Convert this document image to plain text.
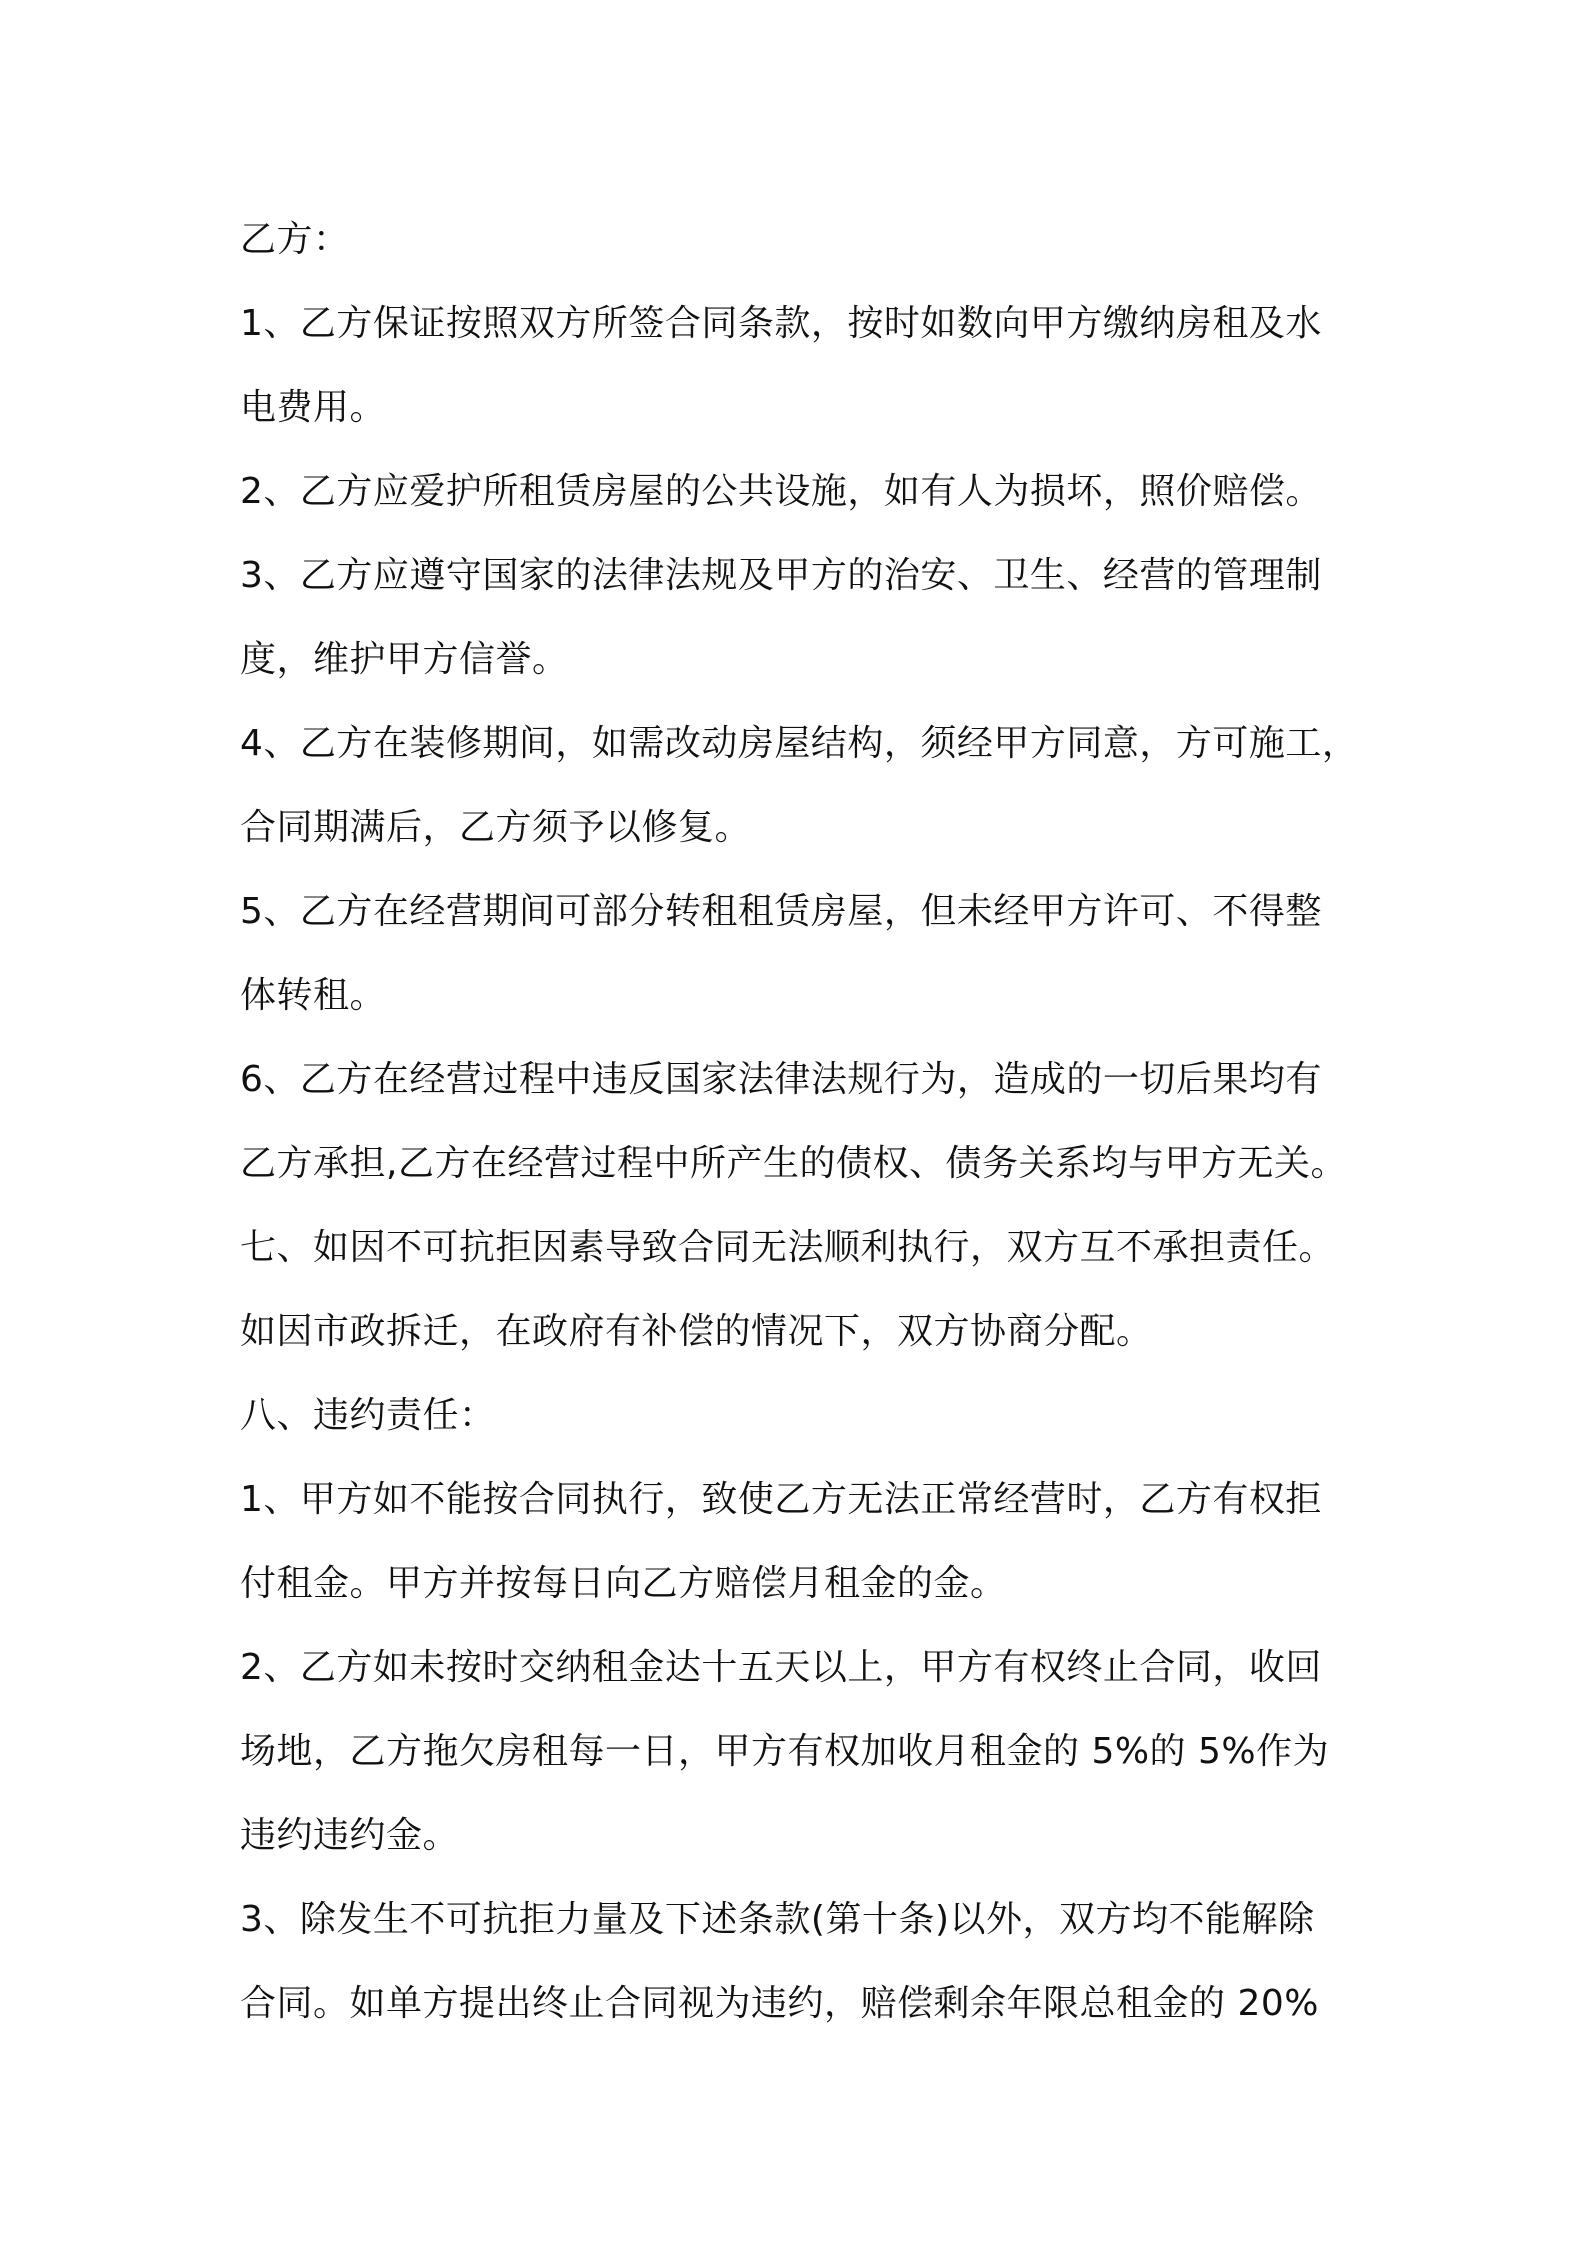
乙方：
1、乙方保证按照双方所签合同条款，按时如数向甲方缴纳房租及水
电费用。
2、乙方应爱护所租赁房屋的公共设施，如有人为损坏，照价赔偿。
3、乙方应遵守国家的法律法规及甲方的治安、卫生、经营的管理制
度，维护甲方信誉。
4、乙方在装修期间，如需改动房屋结构，须经甲方同意，方可施工，
合同期满后，乙方须予以修复。
5、乙方在经营期间可部分转租租赁房屋，但未经甲方许可、不得整
体转租。
6、乙方在经营过程中违反国家法律法规行为，造成的一切后果均有
乙方承担,乙方在经营过程中所产生的债权、债务关系均与甲方无关。
七、如因不可抗拒因素导致合同无法顺利执行，双方互不承担责任。
如因市政拆迁，在政府有补偿的情况下，双方协商分配。
八、违约责任：
1、甲方如不能按合同执行，致使乙方无法正常经营时，乙方有权拒
付租金。甲方并按每日向乙方赔偿月租金的金。
2、乙方如未按时交纳租金达十五天以上，甲方有权终止合同，收回
场地，乙方拖欠房租每一日，甲方有权加收月租金的 5%的 5%作为
违约违约金。
3、除发生不可抗拒力量及下述条款(第十条)以外，双方均不能解除
合同。如单方提出终止合同视为违约，赔偿剩余年限总租金的 20%
